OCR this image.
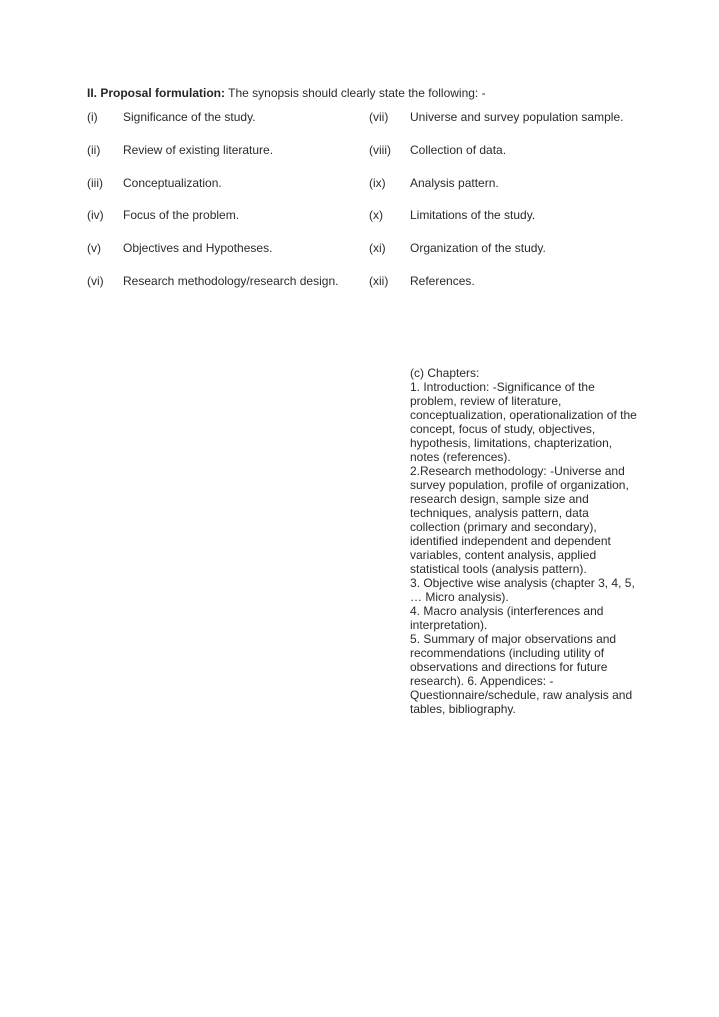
II. Proposal formulation: The synopsis should clearly state the following: -
(i) Significance of the study.
(ii) Review of existing literature.
(iii) Conceptualization.
(iv) Focus of the problem.
(v) Objectives and Hypotheses.
(vi) Research methodology/research design.
(vii) Universe and survey population sample.
(viii) Collection of data.
(ix) Analysis pattern.
(x) Limitations of the study.
(xi) Organization of the study.
(xii) References.

(c) Chapters:

1. Introduction: -Significance of the problem, review of literature, conceptualization, operationalization of the concept, focus of study, objectives, hypothesis, limitations, chapterization, notes (references).

2.Research methodology: -Universe and survey population, profile of organization, research design, sample size and techniques, analysis pattern, data collection (primary and secondary), identified independent and dependent variables, content analysis, applied statistical tools (analysis pattern).

3. Objective wise analysis (chapter 3, 4, 5, … Micro analysis).

4. Macro analysis (interferences and interpretation).

5. Summary of major observations and recommendations (including utility of observations and directions for future research). 6. Appendices: - Questionnaire/schedule, raw analysis and tables, bibliography.
